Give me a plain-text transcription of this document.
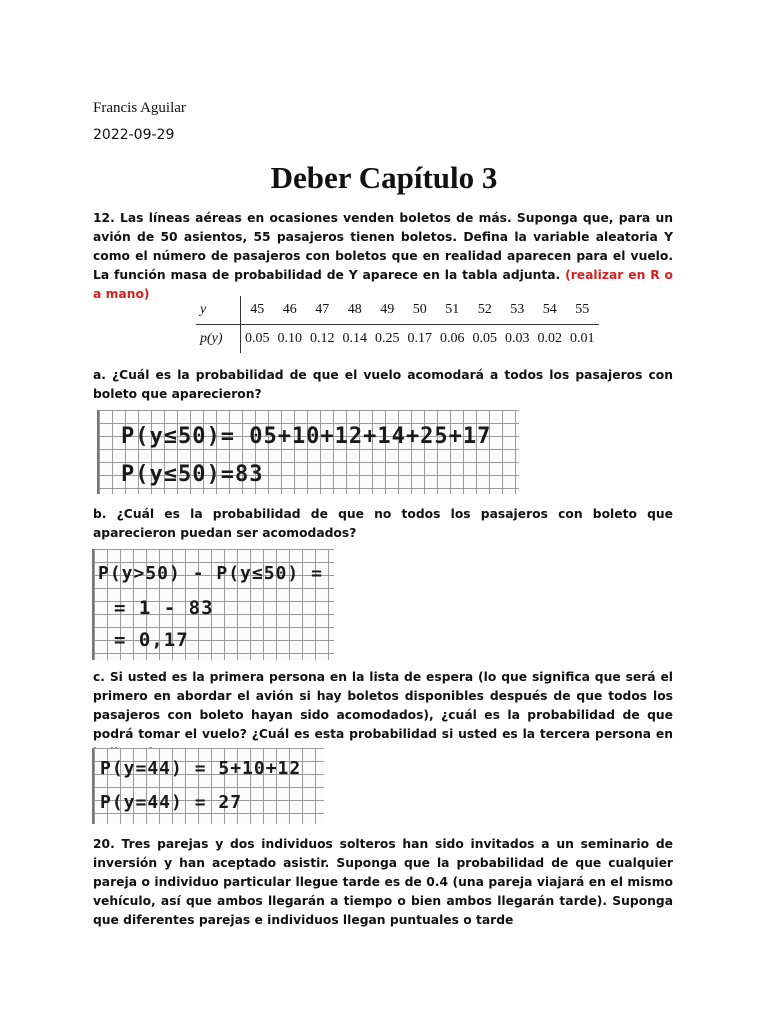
Francis Aguilar
2022-09-29
Deber Capítulo 3
12. Las líneas aéreas en ocasiones venden boletos de más. Suponga que, para un avión de 50 asientos, 55 pasajeros tienen boletos. Defina la variable aleatoria Y como el número de pasajeros con boletos que en realidad aparecen para el vuelo. La función masa de probabilidad de Y aparece en la tabla adjunta. (realizar en R o a mano)
y	45	46	47	48	49	50	51	52	53	54	55
p(y)	0.05	0.10	0.12	0.14	0.25	0.17	0.06	0.05	0.03	0.02	0.01
a. ¿Cuál es la probabilidad de que el vuelo acomodará a todos los pasajeros con boleto que aparecieron?
P(y≤50)= 05+10+12+14+25+17
P(y≤50)=83
b. ¿Cuál es la probabilidad de que no todos los pasajeros con boleto que aparecieron puedan ser acomodados?
P(y>50) - P(y≤50) =
= 1 - 83
= 0,17
c. Si usted es la primera persona en la lista de espera (lo que significa que será el primero en abordar el avión si hay boletos disponibles después de que todos los pasajeros con boleto hayan sido acomodados), ¿cuál es la probabilidad de que podrá tomar el vuelo? ¿Cuál es esta probabilidad si usted es la tercera persona en
P(y=44) = 5+10+12
P(y=44) = 27
20. Tres parejas y dos individuos solteros han sido invitados a un seminario de inversión y han aceptado asistir. Suponga que la probabilidad de que cualquier pareja o individuo particular llegue tarde es de 0.4 (una pareja viajará en el mismo vehículo, así que ambos llegarán a tiempo o bien ambos llegarán tarde). Suponga que diferentes parejas e individuos llegan puntuales o tarde
